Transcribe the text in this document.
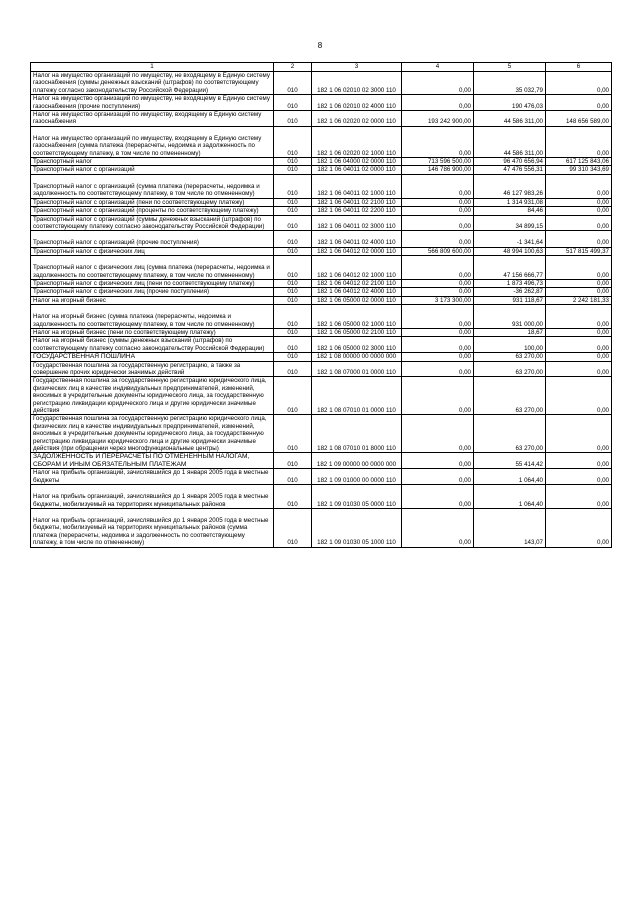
8
1	2	3	4	5	6
Налог на имущество организаций по имуществу, не входящему в Единую систему газоснабжения (суммы денежных взысканий (штрафов) по соответствующему платежу согласно законодательству Российской Федерации)	010	182 1 06 02010 02 3000 110	0,00	35 032,79	0,00
Налог на имущество организаций по имуществу, не входящему в Единую систему газоснабжения (прочие поступления)	010	182 1 06 02010 02 4000 110	0,00	190 476,03	0,00
Налог на имущество организаций по имуществу, входящему в Единую систему газоснабжения	010	182 1 06 02020 02 0000 110	193 242 900,00	44 586 311,00	148 656 589,00
Налог на имущество организаций по имуществу, входящему в Единую систему газоснабжения (сумма платежа (перерасчеты, недоимка и задолженность по соответствующему платежу, в том числе по отмененному)	010	182 1 06 02020 02 1000 110	0,00	44 586 311,00	0,00
Транспортный налог	010	182 1 06 04000 02 0000 110	713 596 500,00	96 470 656,94	617 125 843,06
Транспортный налог с организаций	010	182 1 06 04011 02 0000 110	146 786 900,00	47 476 556,31	99 310 343,69
Транспортный налог с организаций (сумма платежа (перерасчеты, недоимка и задолженность по соответствующему платежу, в том числе по отмененному)	010	182 1 06 04011 02 1000 110	0,00	46 127 983,26	0,00
Транспортный налог с организаций (пени по соответствующему платежу)	010	182 1 06 04011 02 2100 110	0,00	1 314 931,08	0,00
Транспортный налог с организаций (проценты по соответствующему платежу)	010	182 1 06 04011 02 2200 110	0,00	84,46	0,00
Транспортный налог с организаций (суммы денежных взысканий (штрафов) по соответствующему платежу согласно законодательству Российской Федерации)	010	182 1 06 04011 02 3000 110	0,00	34 899,15	0,00
Транспортный налог с организаций (прочие поступления)	010	182 1 06 04011 02 4000 110	0,00	-1 341,64	0,00
Транспортный налог с физических лиц	010	182 1 06 04012 02 0000 110	566 809 600,00	48 994 100,63	517 815 499,37
Транспортный налог с физических лиц (сумма платежа (перерасчеты, недоимка и задолженность по соответствующему платежу, в том числе по отмененному)	010	182 1 06 04012 02 1000 110	0,00	47 156 666,77	0,00
Транспортный налог с физических лиц (пени по соответствующему платежу)	010	182 1 06 04012 02 2100 110	0,00	1 873 496,73	0,00
Транспортный налог с физических лиц (прочие поступления)	010	182 1 06 04012 02 4000 110	0,00	-36 262,87	0,00
Налог на игорный бизнес	010	182 1 06 05000 02 0000 110	3 173 300,00	931 118,67	2 242 181,33
Налог на игорный бизнес (сумма платежа (перерасчеты, недоимка и задолженность по соответствующему платежу, в том числе по отмененному)	010	182 1 06 05000 02 1000 110	0,00	931 000,00	0,00
Налог на игорный бизнес (пени по соответствующему платежу)	010	182 1 06 05000 02 2100 110	0,00	18,67	0,00
Налог на игорный бизнес (суммы денежных взысканий (штрафов) по соответствующему платежу согласно законодательству Российской Федерации)	010	182 1 06 05000 02 3000 110	0,00	100,00	0,00
ГОСУДАРСТВЕННАЯ ПОШЛИНА	010	182 1 08 00000 00 0000 000	0,00	63 270,00	0,00
Государственная пошлина за государственную регистрацию, а также за совершение прочих юридически значимых действий	010	182 1 08 07000 01 0000 110	0,00	63 270,00	0,00
Государственная пошлина за государственную регистрацию юридического лица, физических лиц в качестве индивидуальных предпринимателей, изменений, вносимых в учредительные документы юридического лица, за государственную регистрацию ликвидации юридического лица и другие юридически значимые действия	010	182 1 08 07010 01 0000 110	0,00	63 270,00	0,00
Государственная пошлина за государственную регистрацию юридического лица, физических лиц в качестве индивидуальных предпринимателей, изменений, вносимых в учредительные документы юридического лица, за государственную регистрацию ликвидации юридического лица и другие юридически значимые действия (при обращении через многофункциональные центры)	010	182 1 08 07010 01 8000 110	0,00	63 270,00	0,00
ЗАДОЛЖЕННОСТЬ И ПЕРЕРАСЧЕТЫ ПО ОТМЕНЕННЫМ НАЛОГАМ, СБОРАМ И ИНЫМ ОБЯЗАТЕЛЬНЫМ ПЛАТЕЖАМ	010	182 1 09 00000 00 0000 000	0,00	55 414,42	0,00
Налог на прибыль организаций, зачислявшийся до 1 января 2005 года в местные бюджеты	010	182 1 09 01000 00 0000 110	0,00	1 064,40	0,00
Налог на прибыль организаций, зачислявшийся до 1 января 2005 года в местные бюджеты, мобилизуемый на территориях муниципальных районов	010	182 1 09 01030 05 0000 110	0,00	1 064,40	0,00
Налог на прибыль организаций, зачислявшийся до 1 января 2005 года в местные бюджеты, мобилизуемый на территориях муниципальных районов (сумма платежа (перерасчеты, недоимка и задолженность по соответствующему платежу, в том числе по отмененному)	010	182 1 09 01030 05 1000 110	0,00	143,07	0,00
